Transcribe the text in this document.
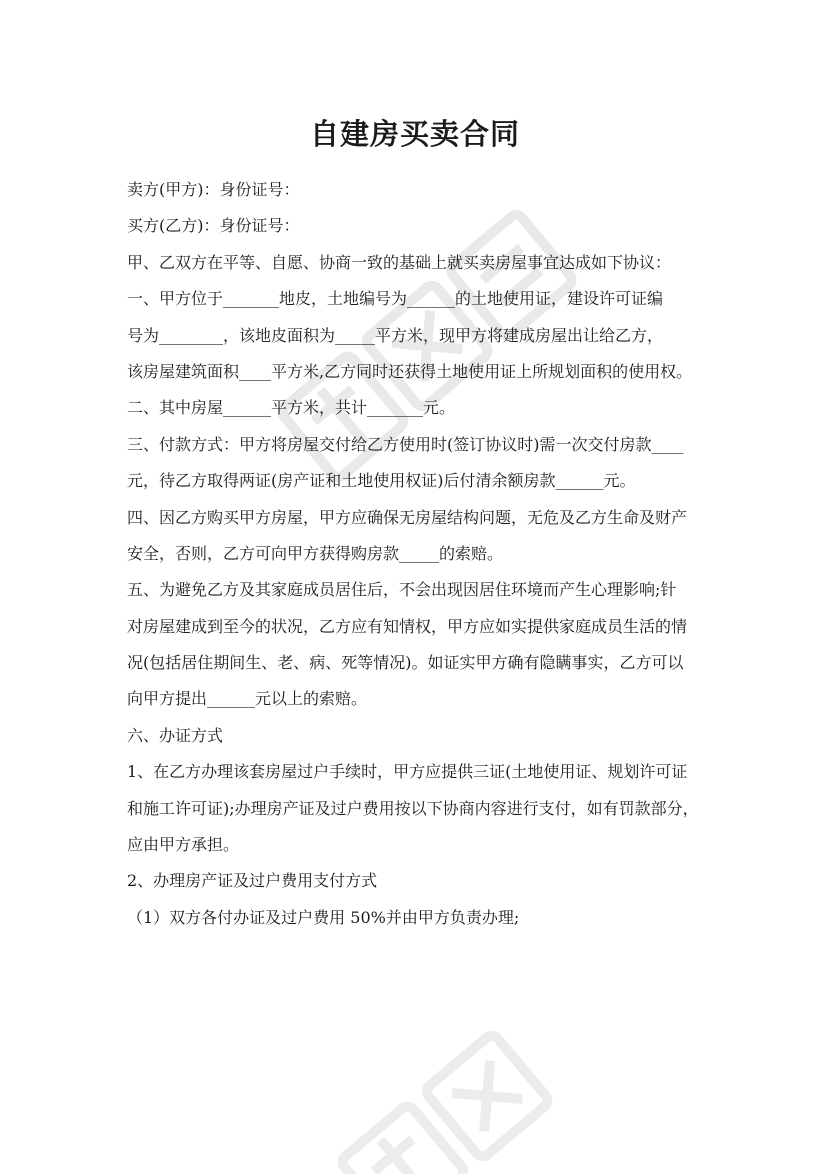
自建房买卖合同
卖方(甲方)：身份证号：
买方(乙方)：身份证号：
甲、乙双方在平等、自愿、协商一致的基础上就买卖房屋事宜达成如下协议：
一、甲方位于_______地皮，土地编号为______的土地使用证，建设许可证编
号为________，该地皮面积为_____平方米，现甲方将建成房屋出让给乙方，
该房屋建筑面积____平方米,乙方同时还获得土地使用证上所规划面积的使用权。
二、其中房屋______平方米，共计_______元。
三、付款方式：甲方将房屋交付给乙方使用时(签订协议时)需一次交付房款____
元，待乙方取得两证(房产证和土地使用权证)后付清余额房款______元。
四、因乙方购买甲方房屋，甲方应确保无房屋结构问题，无危及乙方生命及财产
安全，否则，乙方可向甲方获得购房款_____的索赔。
五、为避免乙方及其家庭成员居住后，不会出现因居住环境而产生心理影响;针
对房屋建成到至今的状况，乙方应有知情权，甲方应如实提供家庭成员生活的情
况(包括居住期间生、老、病、死等情况)。如证实甲方确有隐瞒事实，乙方可以
向甲方提出______元以上的索赔。
六、办证方式
1、在乙方办理该套房屋过户手续时，甲方应提供三证(土地使用证、规划许可证
和施工许可证);办理房产证及过户费用按以下协商内容进行支付，如有罚款部分，
应由甲方承担。
2、办理房产证及过户费用支付方式
（1）双方各付办证及过户费用 50%并由甲方负责办理;
